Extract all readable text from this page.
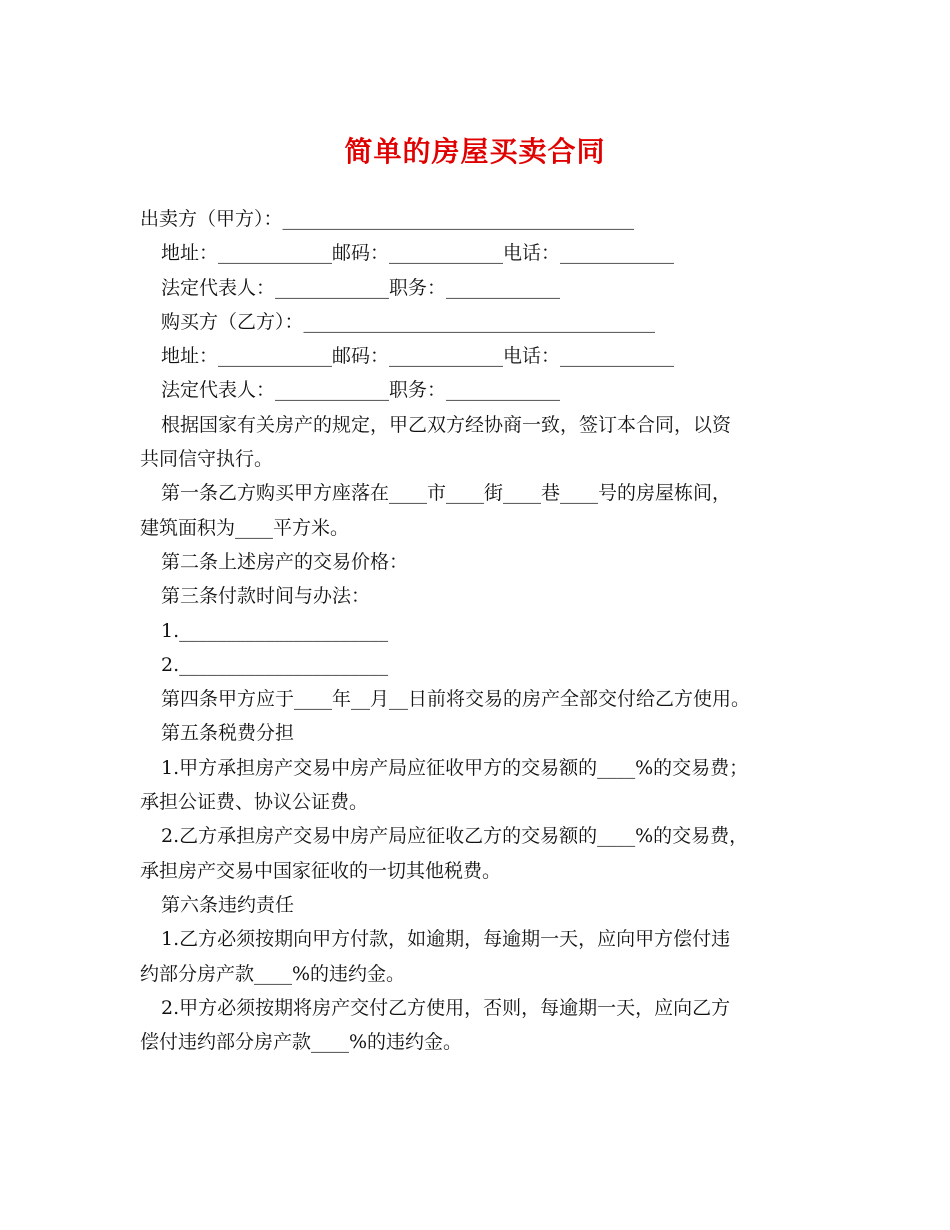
简单的房屋买卖合同
出卖方（甲方）：_____________________________________
地址：____________邮码：____________电话：____________
法定代表人：____________职务：____________
购买方（乙方）：_____________________________________
地址：____________邮码：____________电话：____________
法定代表人：____________职务：____________
根据国家有关房产的规定，甲乙双方经协商一致，签订本合同，以资
共同信守执行。
第一条乙方购买甲方座落在____市____街____巷____号的房屋栋间，
建筑面积为____平方米。
第二条上述房产的交易价格：
第三条付款时间与办法：
1.______________________
2.______________________
第四条甲方应于____年__月__日前将交易的房产全部交付给乙方使用。
第五条税费分担
1.甲方承担房产交易中房产局应征收甲方的交易额的____%的交易费；
承担公证费、协议公证费。
2.乙方承担房产交易中房产局应征收乙方的交易额的____%的交易费，
承担房产交易中国家征收的一切其他税费。
第六条违约责任
1.乙方必须按期向甲方付款，如逾期，每逾期一天，应向甲方偿付违
约部分房产款____%的违约金。
2.甲方必须按期将房产交付乙方使用，否则，每逾期一天，应向乙方
偿付违约部分房产款____%的违约金。
